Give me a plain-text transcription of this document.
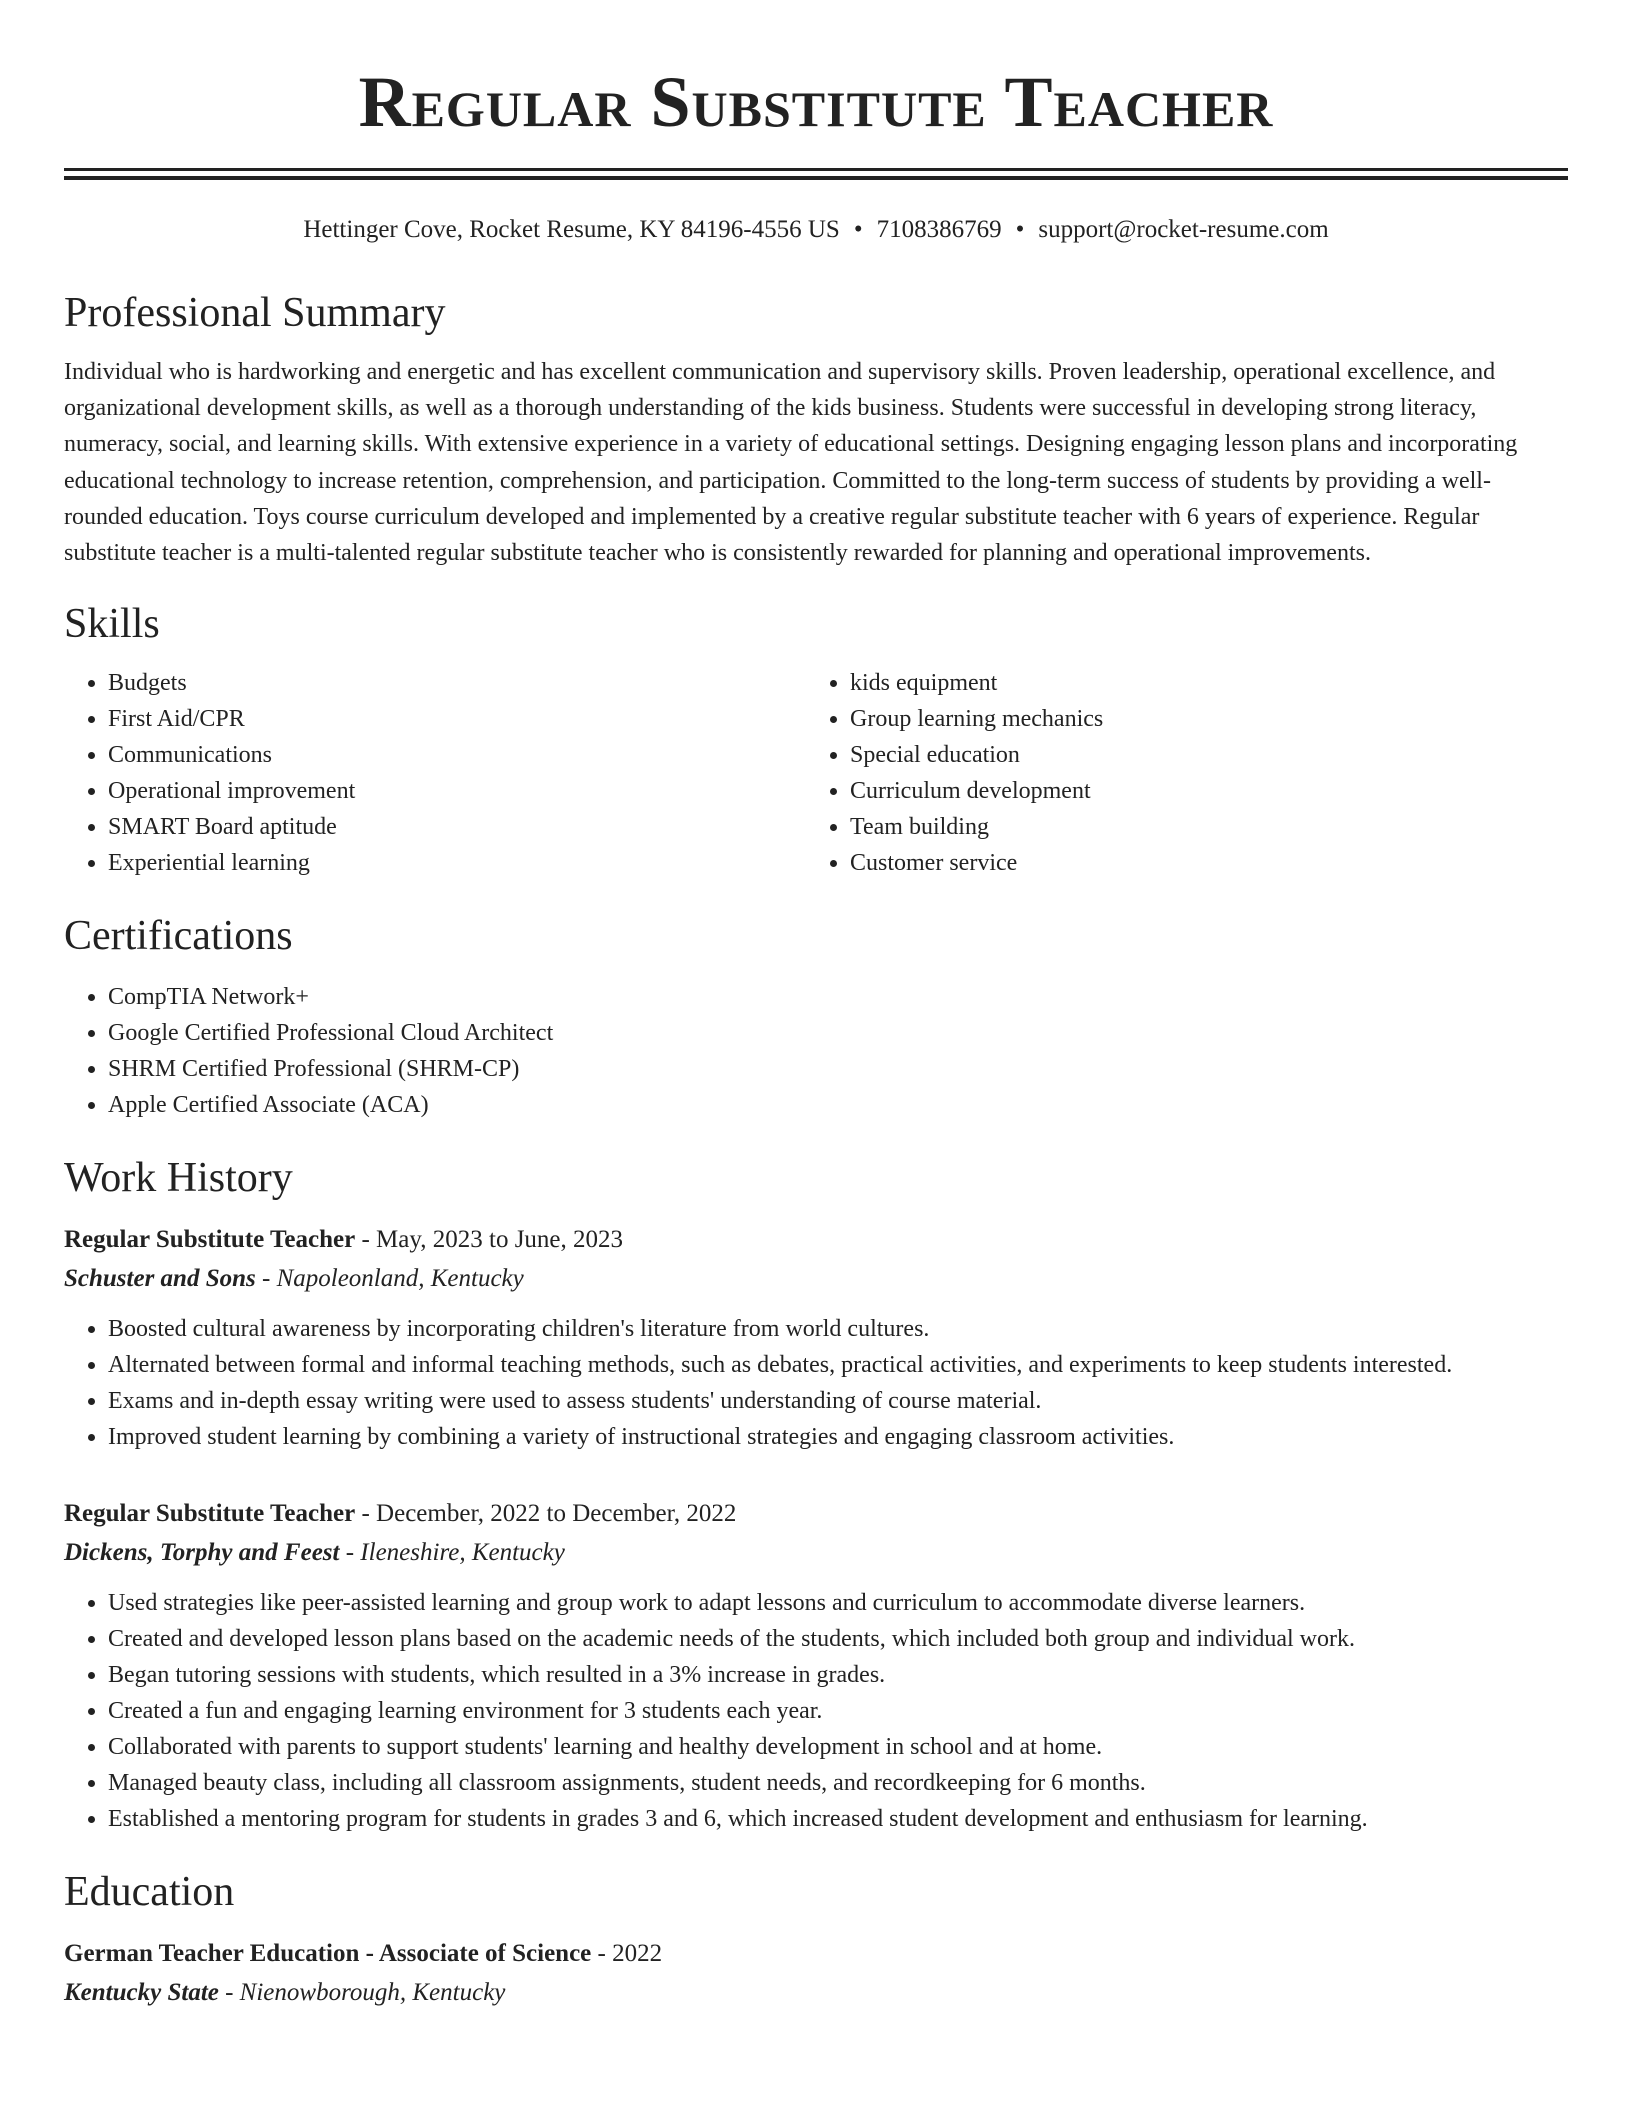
Regular Substitute Teacher
Hettinger Cove, Rocket Resume, KY 84196-4556 US • 7108386769 • support@rocket-resume.com
Professional Summary

Individual who is hardworking and energetic and has excellent communication and supervisory skills. Proven leadership, operational excellence, and organizational development skills, as well as a thorough understanding of the kids business. Students were successful in developing strong literacy, numeracy, social, and learning skills. With extensive experience in a variety of educational settings. Designing engaging lesson plans and incorporating educational technology to increase retention, comprehension, and participation. Committed to the long-term success of students by providing a well-rounded education. Toys course curriculum developed and implemented by a creative regular substitute teacher with 6 years of experience. Regular substitute teacher is a multi-talented regular substitute teacher who is consistently rewarded for planning and operational improvements.

Skills
• Budgets
• First Aid/CPR
• Communications
• Operational improvement
• SMART Board aptitude
• Experiential learning
• kids equipment
• Group learning mechanics
• Special education
• Curriculum development
• Team building
• Customer service
Certifications
• CompTIA Network+
• Google Certified Professional Cloud Architect
• SHRM Certified Professional (SHRM-CP)
• Apple Certified Associate (ACA)
Work History
Regular Substitute Teacher - May, 2023 to June, 2023
Schuster and Sons - Napoleonland, Kentucky
• Boosted cultural awareness by incorporating children's literature from world cultures.
• Alternated between formal and informal teaching methods, such as debates, practical activities, and experiments to keep students interested.
• Exams and in-depth essay writing were used to assess students' understanding of course material.
• Improved student learning by combining a variety of instructional strategies and engaging classroom activities.
Regular Substitute Teacher - December, 2022 to December, 2022
Dickens, Torphy and Feest - Ileneshire, Kentucky
• Used strategies like peer-assisted learning and group work to adapt lessons and curriculum to accommodate diverse learners.
• Created and developed lesson plans based on the academic needs of the students, which included both group and individual work.
• Began tutoring sessions with students, which resulted in a 3% increase in grades.
• Created a fun and engaging learning environment for 3 students each year.
• Collaborated with parents to support students' learning and healthy development in school and at home.
• Managed beauty class, including all classroom assignments, student needs, and recordkeeping for 6 months.
• Established a mentoring program for students in grades 3 and 6, which increased student development and enthusiasm for learning.
Education
German Teacher Education - Associate of Science - 2022
Kentucky State - Nienowborough, Kentucky
